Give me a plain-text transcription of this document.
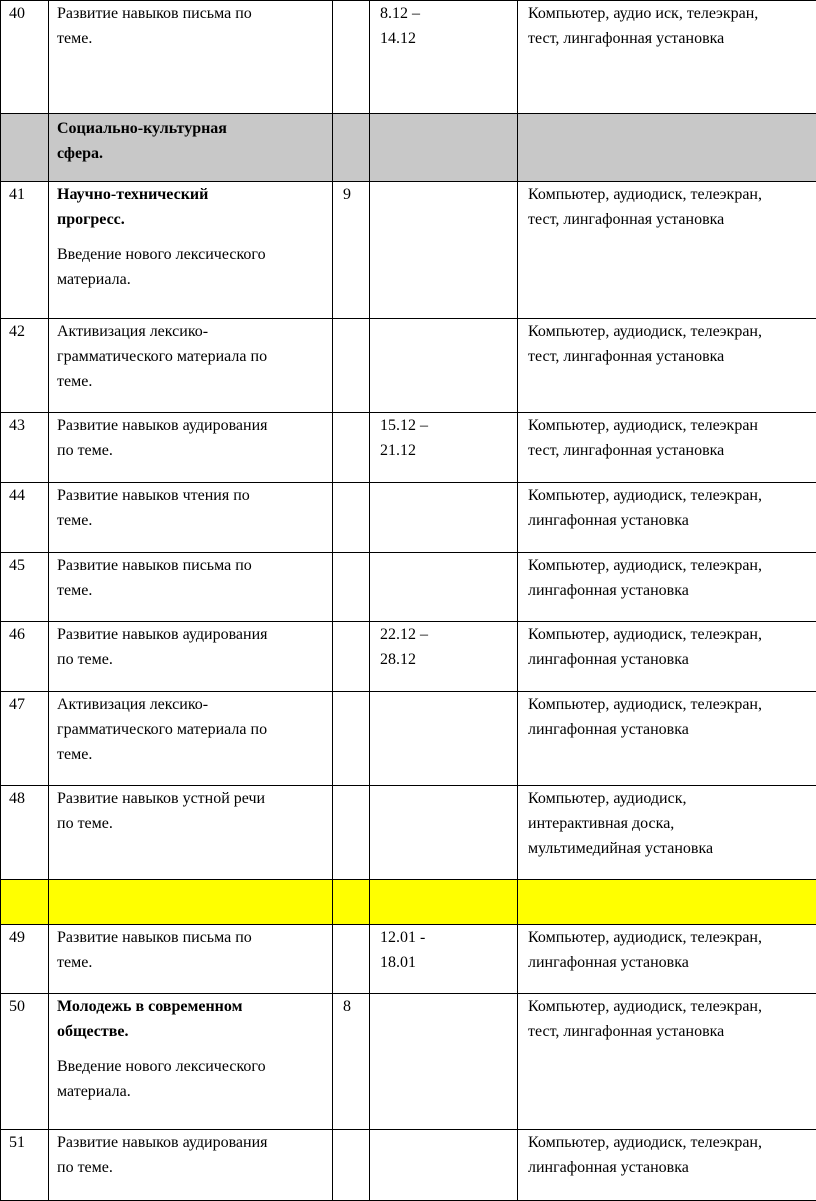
40	Развитие навыков письма по
теме.		8.12 –
14.12	Компьютер, аудио иск, телеэкран,
тест, лингафонная установка

	Социально-культурная
сфера.			

41	Научно-технический
прогресс.
Введение нового лексического
материала.	9		Компьютер, аудиодиск, телеэкран,
тест, лингафонная установка

42	Активизация лексико-
грамматического материала по
теме.			Компьютер, аудиодиск, телеэкран,
тест, лингафонная установка

43	Развитие навыков аудирования
по теме.		15.12 –
21.12	Компьютер, аудиодиск, телеэкран
тест, лингафонная установка

44	Развитие навыков чтения по
теме.			Компьютер, аудиодиск, телеэкран,
лингафонная установка

45	Развитие навыков письма по
теме.			Компьютер, аудиодиск, телеэкран,
лингафонная установка

46	Развитие навыков аудирования
по теме.		22.12 –
28.12	Компьютер, аудиодиск, телеэкран,
лингафонная установка

47	Активизация лексико-
грамматического материала по
теме.			Компьютер, аудиодиск, телеэкран,
лингафонная установка

48	Развитие навыков устной речи
по теме.			Компьютер, аудиодиск,
интерактивная доска,
мультимедийная установка

49	Развитие навыков письма по
теме.		12.01 -
18.01	Компьютер, аудиодиск, телеэкран,
лингафонная установка

50	Молодежь в современном
обществе.
Введение нового лексического
материала.	8		Компьютер, аудиодиск, телеэкран,
тест, лингафонная установка

51	Развитие навыков аудирования
по теме.			Компьютер, аудиодиск, телеэкран,
лингафонная установка
